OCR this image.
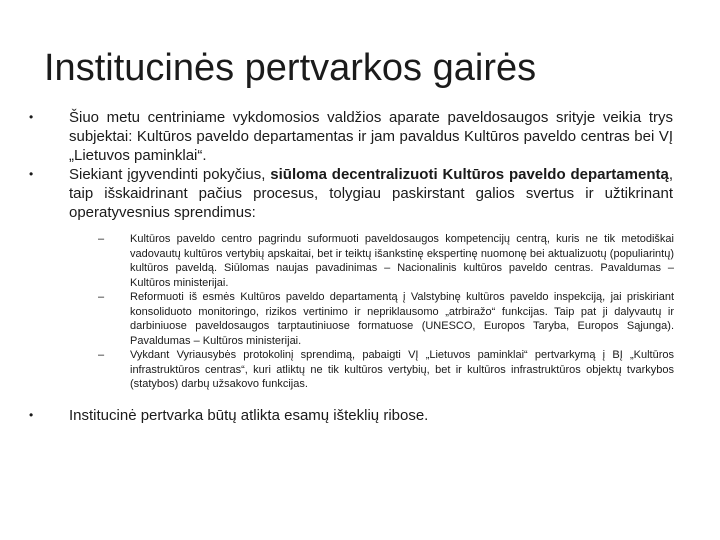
Institucinės pertvarkos gairės
• Šiuo metu centriniame vykdomosios valdžios aparate paveldosaugos srityje veikia trys subjektai: Kultūros paveldo departamentas ir jam pavaldus Kultūros paveldo centras bei VĮ „Lietuvos paminklai“.
• Siekiant įgyvendinti pokyčius, siūloma decentralizuoti Kultūros paveldo departamentą, taip išskaidrinant pačius procesus, tolygiau paskirstant galios svertus ir užtikrinant operatyvesnius sprendimus:
– Kultūros paveldo centro pagrindu suformuoti paveldosaugos kompetencijų centrą, kuris ne tik metodiškai vadovautų kultūros vertybių apskaitai, bet ir teiktų išankstinę ekspertinę nuomonę bei aktualizuotų (populiarintų) kultūros paveldą. Siūlomas naujas pavadinimas – Nacionalinis kultūros paveldo centras. Pavaldumas – Kultūros ministerijai.
– Reformuoti iš esmės Kultūros paveldo departamentą į Valstybinę kultūros paveldo inspekciją, jai priskiriant konsoliduoto monitoringo, rizikos vertinimo ir nepriklausomo „atrbiražo“ funkcijas. Taip pat ji dalyvautų ir darbiniuose paveldosaugos tarptautiniuose formatuose (UNESCO, Europos Taryba, Europos Sąjunga). Pavaldumas – Kultūros ministerijai.
– Vykdant Vyriausybės protokolinį sprendimą, pabaigti VĮ „Lietuvos paminklai“ pertvarkymą į BĮ „Kultūros infrastruktūros centras“, kuri atliktų ne tik kultūros vertybių, bet ir kultūros infrastruktūros objektų tvarkybos (statybos) darbų užsakovo funkcijas.
• Institucinė pertvarka būtų atlikta esamų išteklių ribose.
